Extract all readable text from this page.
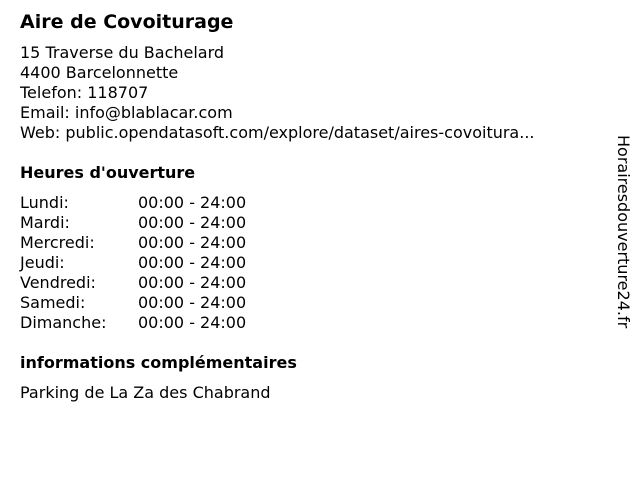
Aire de Covoiturage
15 Traverse du Bachelard
4400 Barcelonnette
Telefon: 118707
Email: info@blablacar.com
Web: public.opendatasoft.com/explore/dataset/aires-covoitura...
Heures d'ouverture
Lundi:	00:00 - 24:00
Mardi:	00:00 - 24:00
Mercredi:	00:00 - 24:00
Jeudi:	00:00 - 24:00
Vendredi:	00:00 - 24:00
Samedi:	00:00 - 24:00
Dimanche: 00:00 - 24:00
informations complémentaires
Parking de La Za des Chabrand
Horairesdouverture24.fr
